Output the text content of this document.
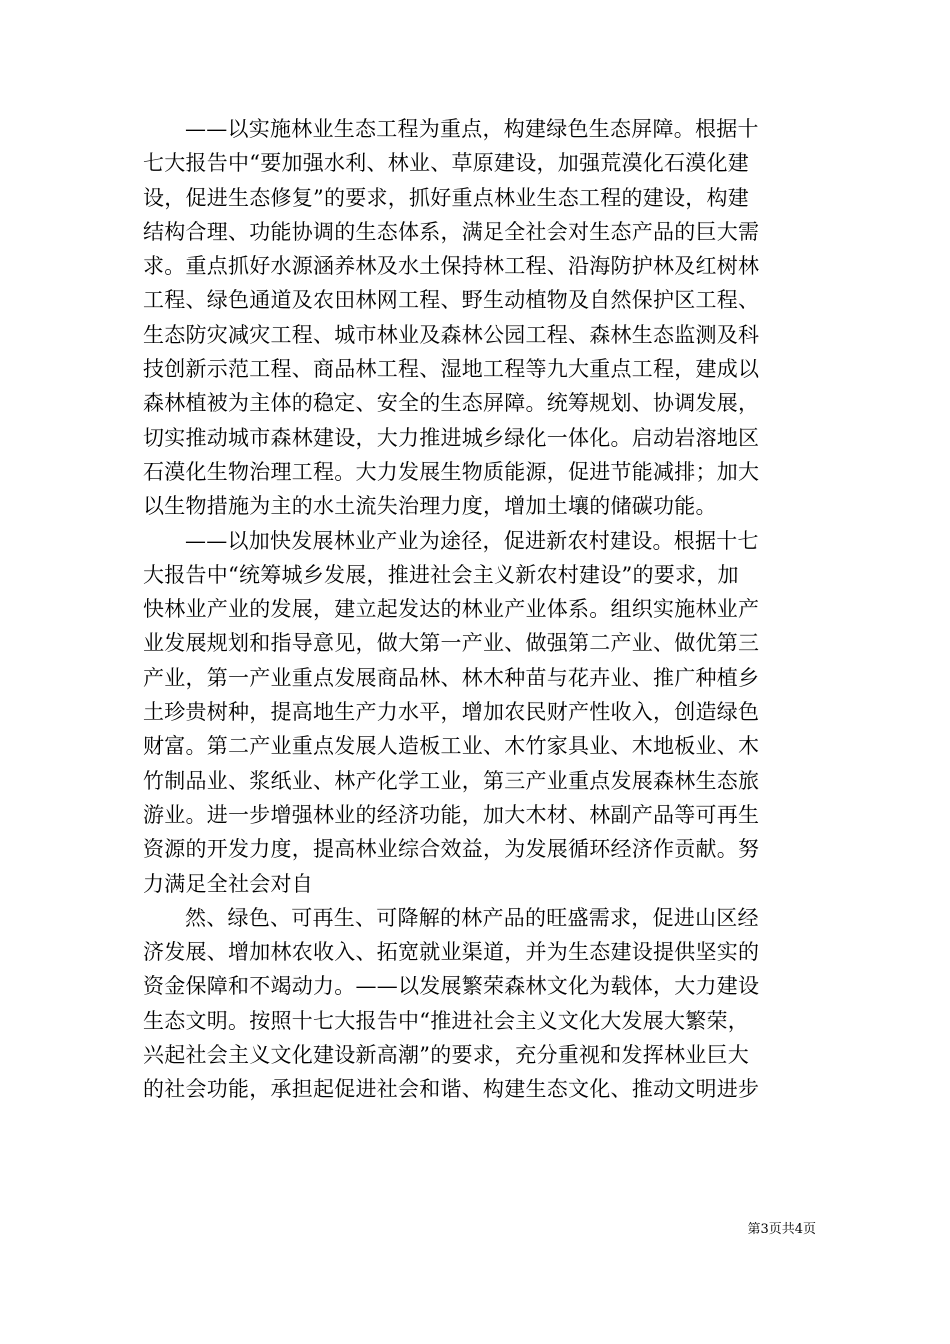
——以实施林业生态工程为重点，构建绿色生态屏障。根据十
七大报告中“要加强水利、林业、草原建设，加强荒漠化石漠化建
设，促进生态修复”的要求，抓好重点林业生态工程的建设，构建
结构合理、功能协调的生态体系，满足全社会对生态产品的巨大需
求。重点抓好水源涵养林及水土保持林工程、沿海防护林及红树林
工程、绿色通道及农田林网工程、野生动植物及自然保护区工程、
生态防灾减灾工程、城市林业及森林公园工程、森林生态监测及科
技创新示范工程、商品林工程、湿地工程等九大重点工程，建成以
森林植被为主体的稳定、安全的生态屏障。统筹规划、协调发展，
切实推动城市森林建设，大力推进城乡绿化一体化。启动岩溶地区
石漠化生物治理工程。大力发展生物质能源，促进节能减排；加大
以生物措施为主的水土流失治理力度，增加土壤的储碳功能。
——以加快发展林业产业为途径，促进新农村建设。根据十七
大报告中“统筹城乡发展，推进社会主义新农村建设”的要求，加
快林业产业的发展，建立起发达的林业产业体系。组织实施林业产
业发展规划和指导意见，做大第一产业、做强第二产业、做优第三
产业，第一产业重点发展商品林、林木种苗与花卉业、推广种植乡
土珍贵树种，提高地生产力水平，增加农民财产性收入，创造绿色
财富。第二产业重点发展人造板工业、木竹家具业、木地板业、木
竹制品业、浆纸业、林产化学工业，第三产业重点发展森林生态旅
游业。进一步增强林业的经济功能，加大木材、林副产品等可再生
资源的开发力度，提高林业综合效益，为发展循环经济作贡献。努
力满足全社会对自
然、绿色、可再生、可降解的林产品的旺盛需求，促进山区经
济发展、增加林农收入、拓宽就业渠道，并为生态建设提供坚实的
资金保障和不竭动力。——以发展繁荣森林文化为载体，大力建设
生态文明。按照十七大报告中“推进社会主义文化大发展大繁荣，
兴起社会主义文化建设新高潮”的要求，充分重视和发挥林业巨大
的社会功能，承担起促进社会和谐、构建生态文化、推动文明进步
第3页共4页
